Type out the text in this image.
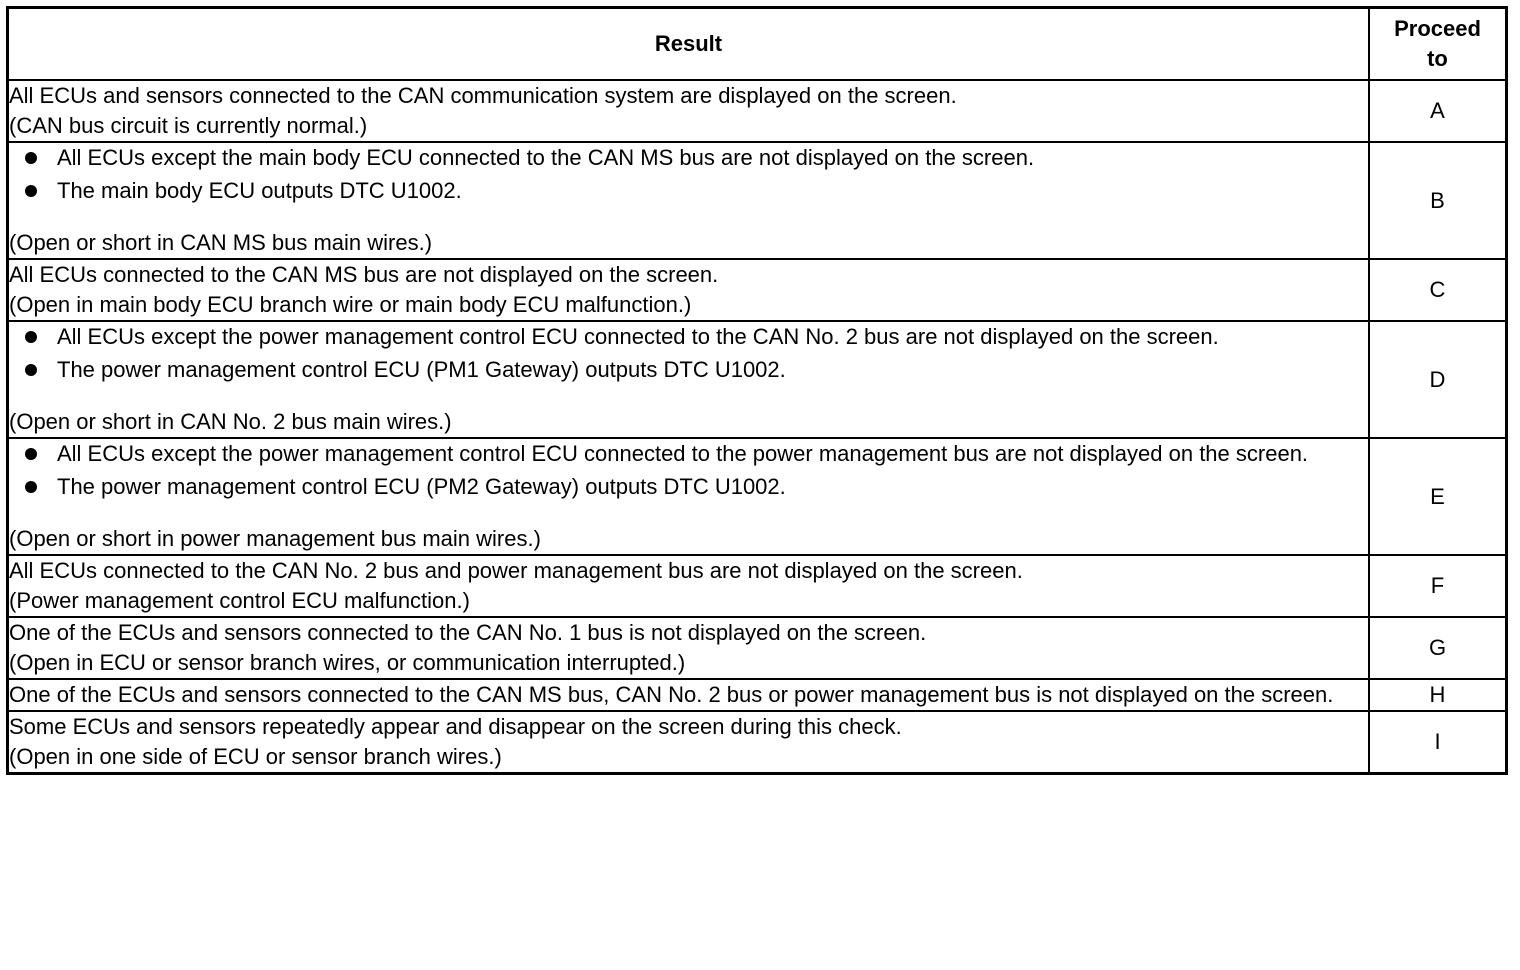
Result	Proceed
to

All ECUs and sensors connected to the CAN communication system are displayed on the screen.
(CAN bus circuit is currently normal.)	A

All ECUs except the main body ECU connected to the CAN MS bus are not displayed on the screen.
The main body ECU outputs DTC U1002.
(Open or short in CAN MS bus main wires.)	B

All ECUs connected to the CAN MS bus are not displayed on the screen.
(Open in main body ECU branch wire or main body ECU malfunction.)	C

All ECUs except the power management control ECU connected to the CAN No. 2 bus are not displayed on the screen.
The power management control ECU (PM1 Gateway) outputs DTC U1002.
(Open or short in CAN No. 2 bus main wires.)	D

All ECUs except the power management control ECU connected to the power management bus are not displayed on the screen.
The power management control ECU (PM2 Gateway) outputs DTC U1002.
(Open or short in power management bus main wires.)	E

All ECUs connected to the CAN No. 2 bus and power management bus are not displayed on the screen.
(Power management control ECU malfunction.)	F

One of the ECUs and sensors connected to the CAN No. 1 bus is not displayed on the screen.
(Open in ECU or sensor branch wires, or communication interrupted.)	G

One of the ECUs and sensors connected to the CAN MS bus, CAN No. 2 bus or power management bus is not displayed on the screen.	H

Some ECUs and sensors repeatedly appear and disappear on the screen during this check.
(Open in one side of ECU or sensor branch wires.)	I
